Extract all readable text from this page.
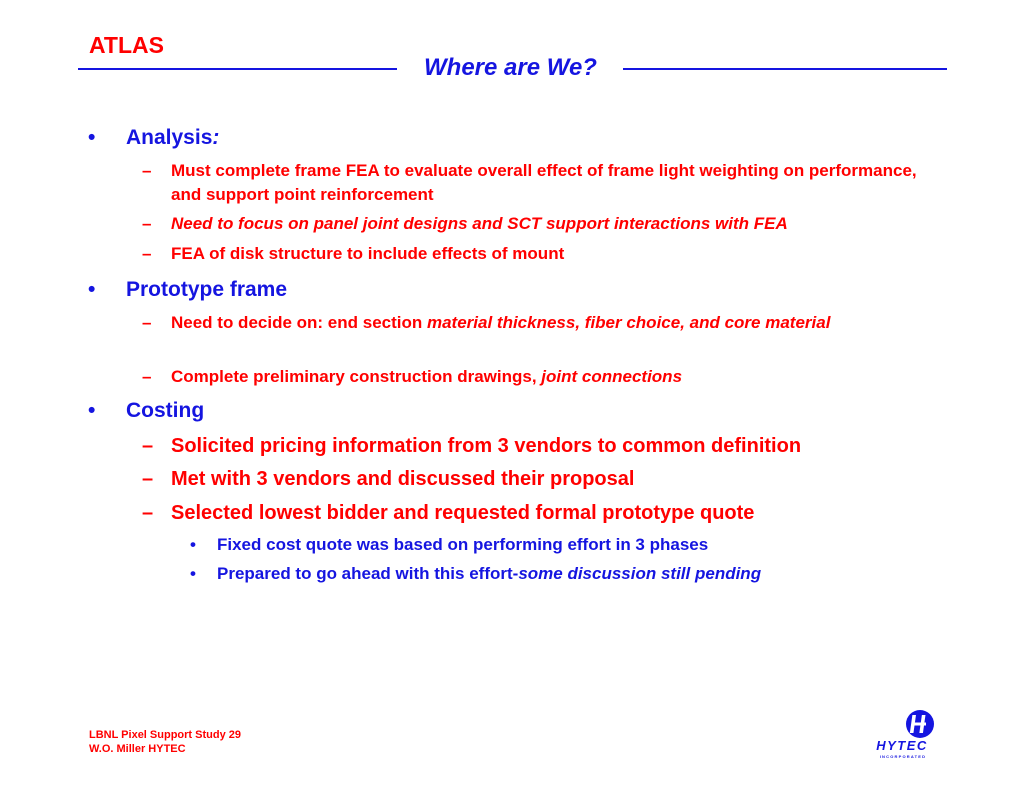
ATLAS
Where are We?
• Analysis:
– Must complete frame FEA to evaluate overall effect of frame light weighting on performance, and support point reinforcement
– Need to focus on panel joint designs and SCT support interactions with FEA
– FEA of disk structure to include effects of mount
• Prototype frame
– Need to decide on: end section material thickness, fiber choice, and core material
– Complete preliminary construction drawings, joint connections
• Costing
– Solicited pricing information from 3 vendors to common definition
– Met with 3 vendors and discussed their proposal
– Selected lowest bidder and requested formal prototype quote
• Fixed cost quote was based on performing effort in 3 phases
• Prepared to go ahead with this effort-some discussion still pending
LBNL Pixel Support Study 29
W.O. Miller HYTEC	HYTEC
INCORPORATED
